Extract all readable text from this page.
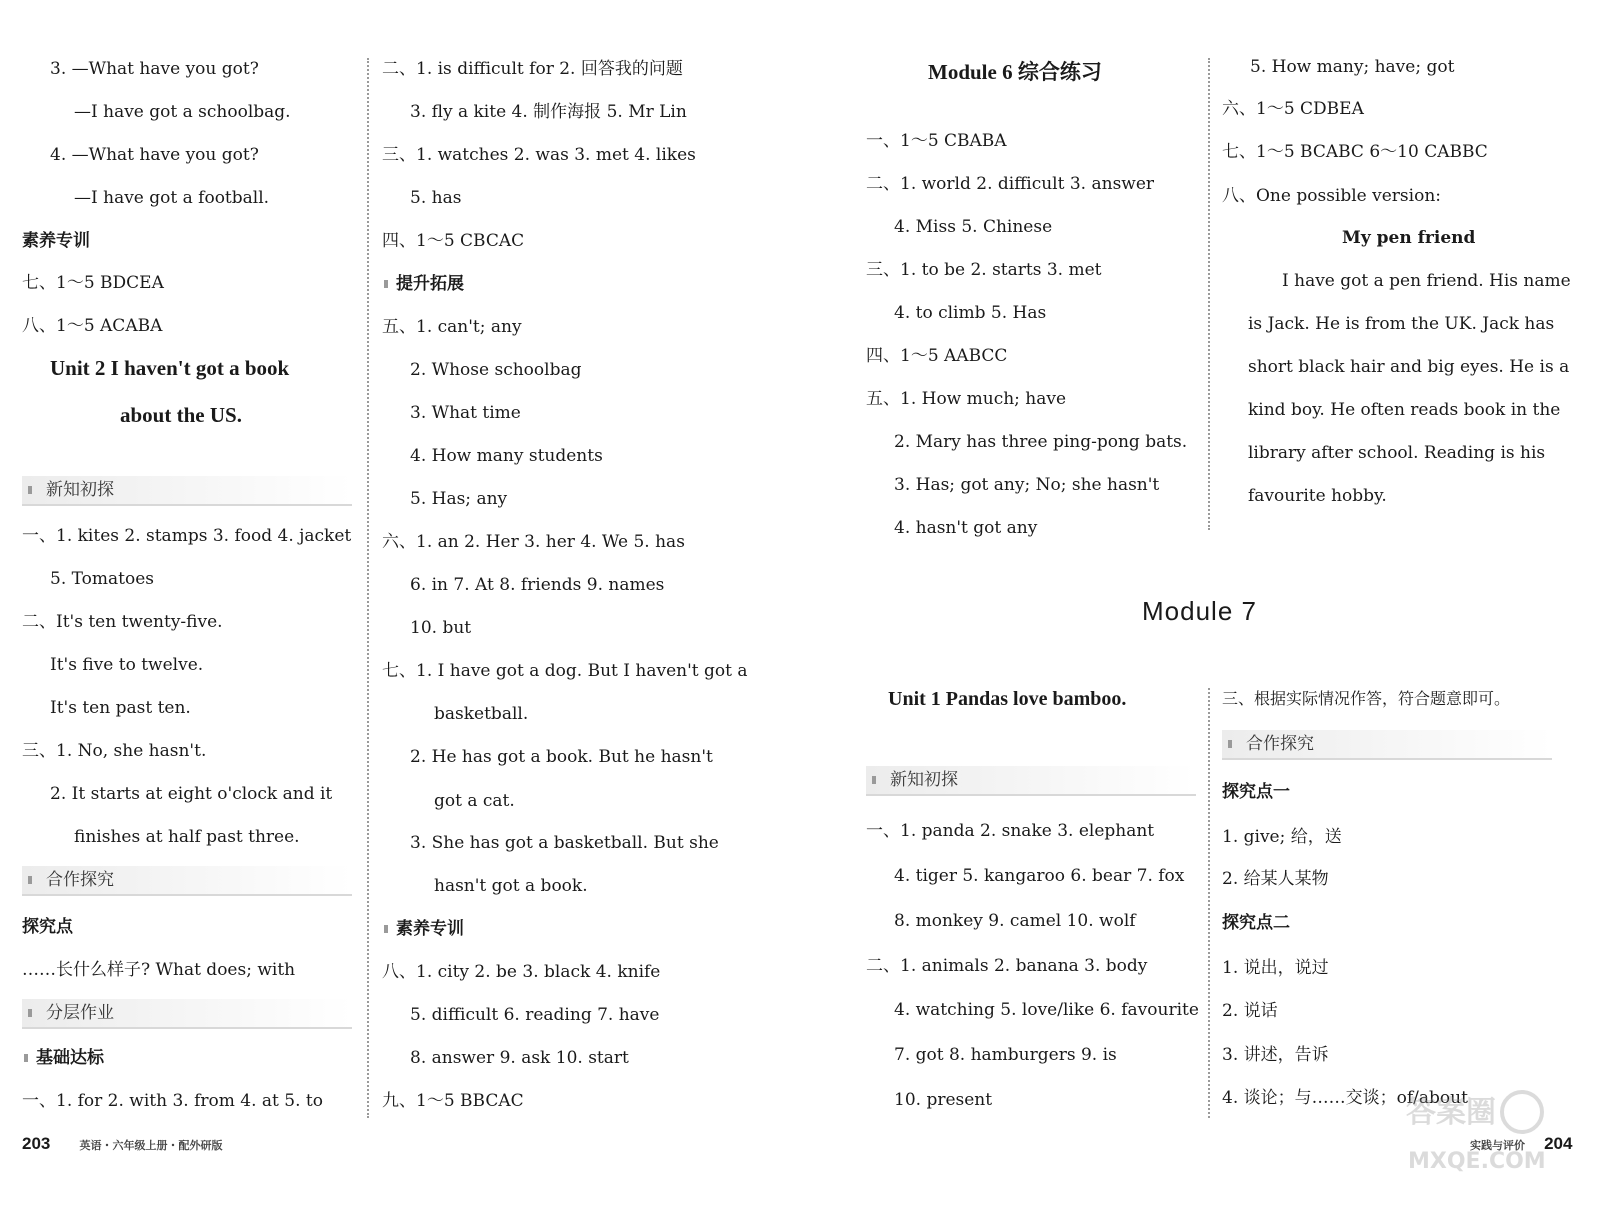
3. —What have you got?
—I have got a schoolbag.
4. —What have you got?
—I have got a football.
素养专训
七、1～5 BDCEA
八、1～5 ACABA
Unit 2 I haven't got a book
about the US.
新知初探
一、1. kites 2. stamps 3. food 4. jacket
5. Tomatoes
二、It's ten twenty-five.
It's five to twelve.
It's ten past ten.
三、1. No, she hasn't.
2. It starts at eight o'clock and it
finishes at half past three.
合作探究
探究点
……长什么样子? What does; with
分层作业
基础达标
一、1. for 2. with 3. from 4. at 5. to
二、1. is difficult for 2. 回答我的问题
3. fly a kite 4. 制作海报 5. Mr Lin
三、1. watches 2. was 3. met 4. likes
5. has
四、1～5 CBCAC
提升拓展
五、1. can't; any
2. Whose schoolbag
3. What time
4. How many students
5. Has; any
六、1. an 2. Her 3. her 4. We 5. has
6. in 7. At 8. friends 9. names
10. but
七、1. I have got a dog. But I haven't got a
basketball.
2. He has got a book. But he hasn't
got a cat.
3. She has got a basketball. But she
hasn't got a book.
素养专训
八、1. city 2. be 3. black 4. knife
5. difficult 6. reading 7. have
8. answer 9. ask 10. start
九、1～5 BBCAC
Module 6 综合练习
一、1～5 CBABA
二、1. world 2. difficult 3. answer
4. Miss 5. Chinese
三、1. to be 2. starts 3. met
4. to climb 5. Has
四、1～5 AABCC
五、1. How much; have
2. Mary has three ping-pong bats.
3. Has; got any; No; she hasn't
4. hasn't got any
Unit 1 Pandas love bamboo.
新知初探
一、1. panda 2. snake 3. elephant
4. tiger 5. kangaroo 6. bear 7. fox
8. monkey 9. camel 10. wolf
二、1. animals 2. banana 3. body
4. watching 5. love/like 6. favourite
7. got 8. hamburgers 9. is
10. present
Module 7
5. How many; have; got
六、1～5 CDBEA
七、1～5 BCABC 6～10 CABBC
八、One possible version:
My pen friend
I have got a pen friend. His name
is Jack. He is from the UK. Jack has
short black hair and big eyes. He is a
kind boy. He often reads book in the
library after school. Reading is his
favourite hobby.
三、根据实际情况作答，符合题意即可。
合作探究
探究点一
1. give; 给，送
2. 给某人某物
探究点二
1. 说出，说过
2. 说话
3. 讲述，告诉
4. 谈论；与……交谈；of/about
203	英语・六年级上册・配外研版	实践与评价 204
答案圈
MXQE.COM
